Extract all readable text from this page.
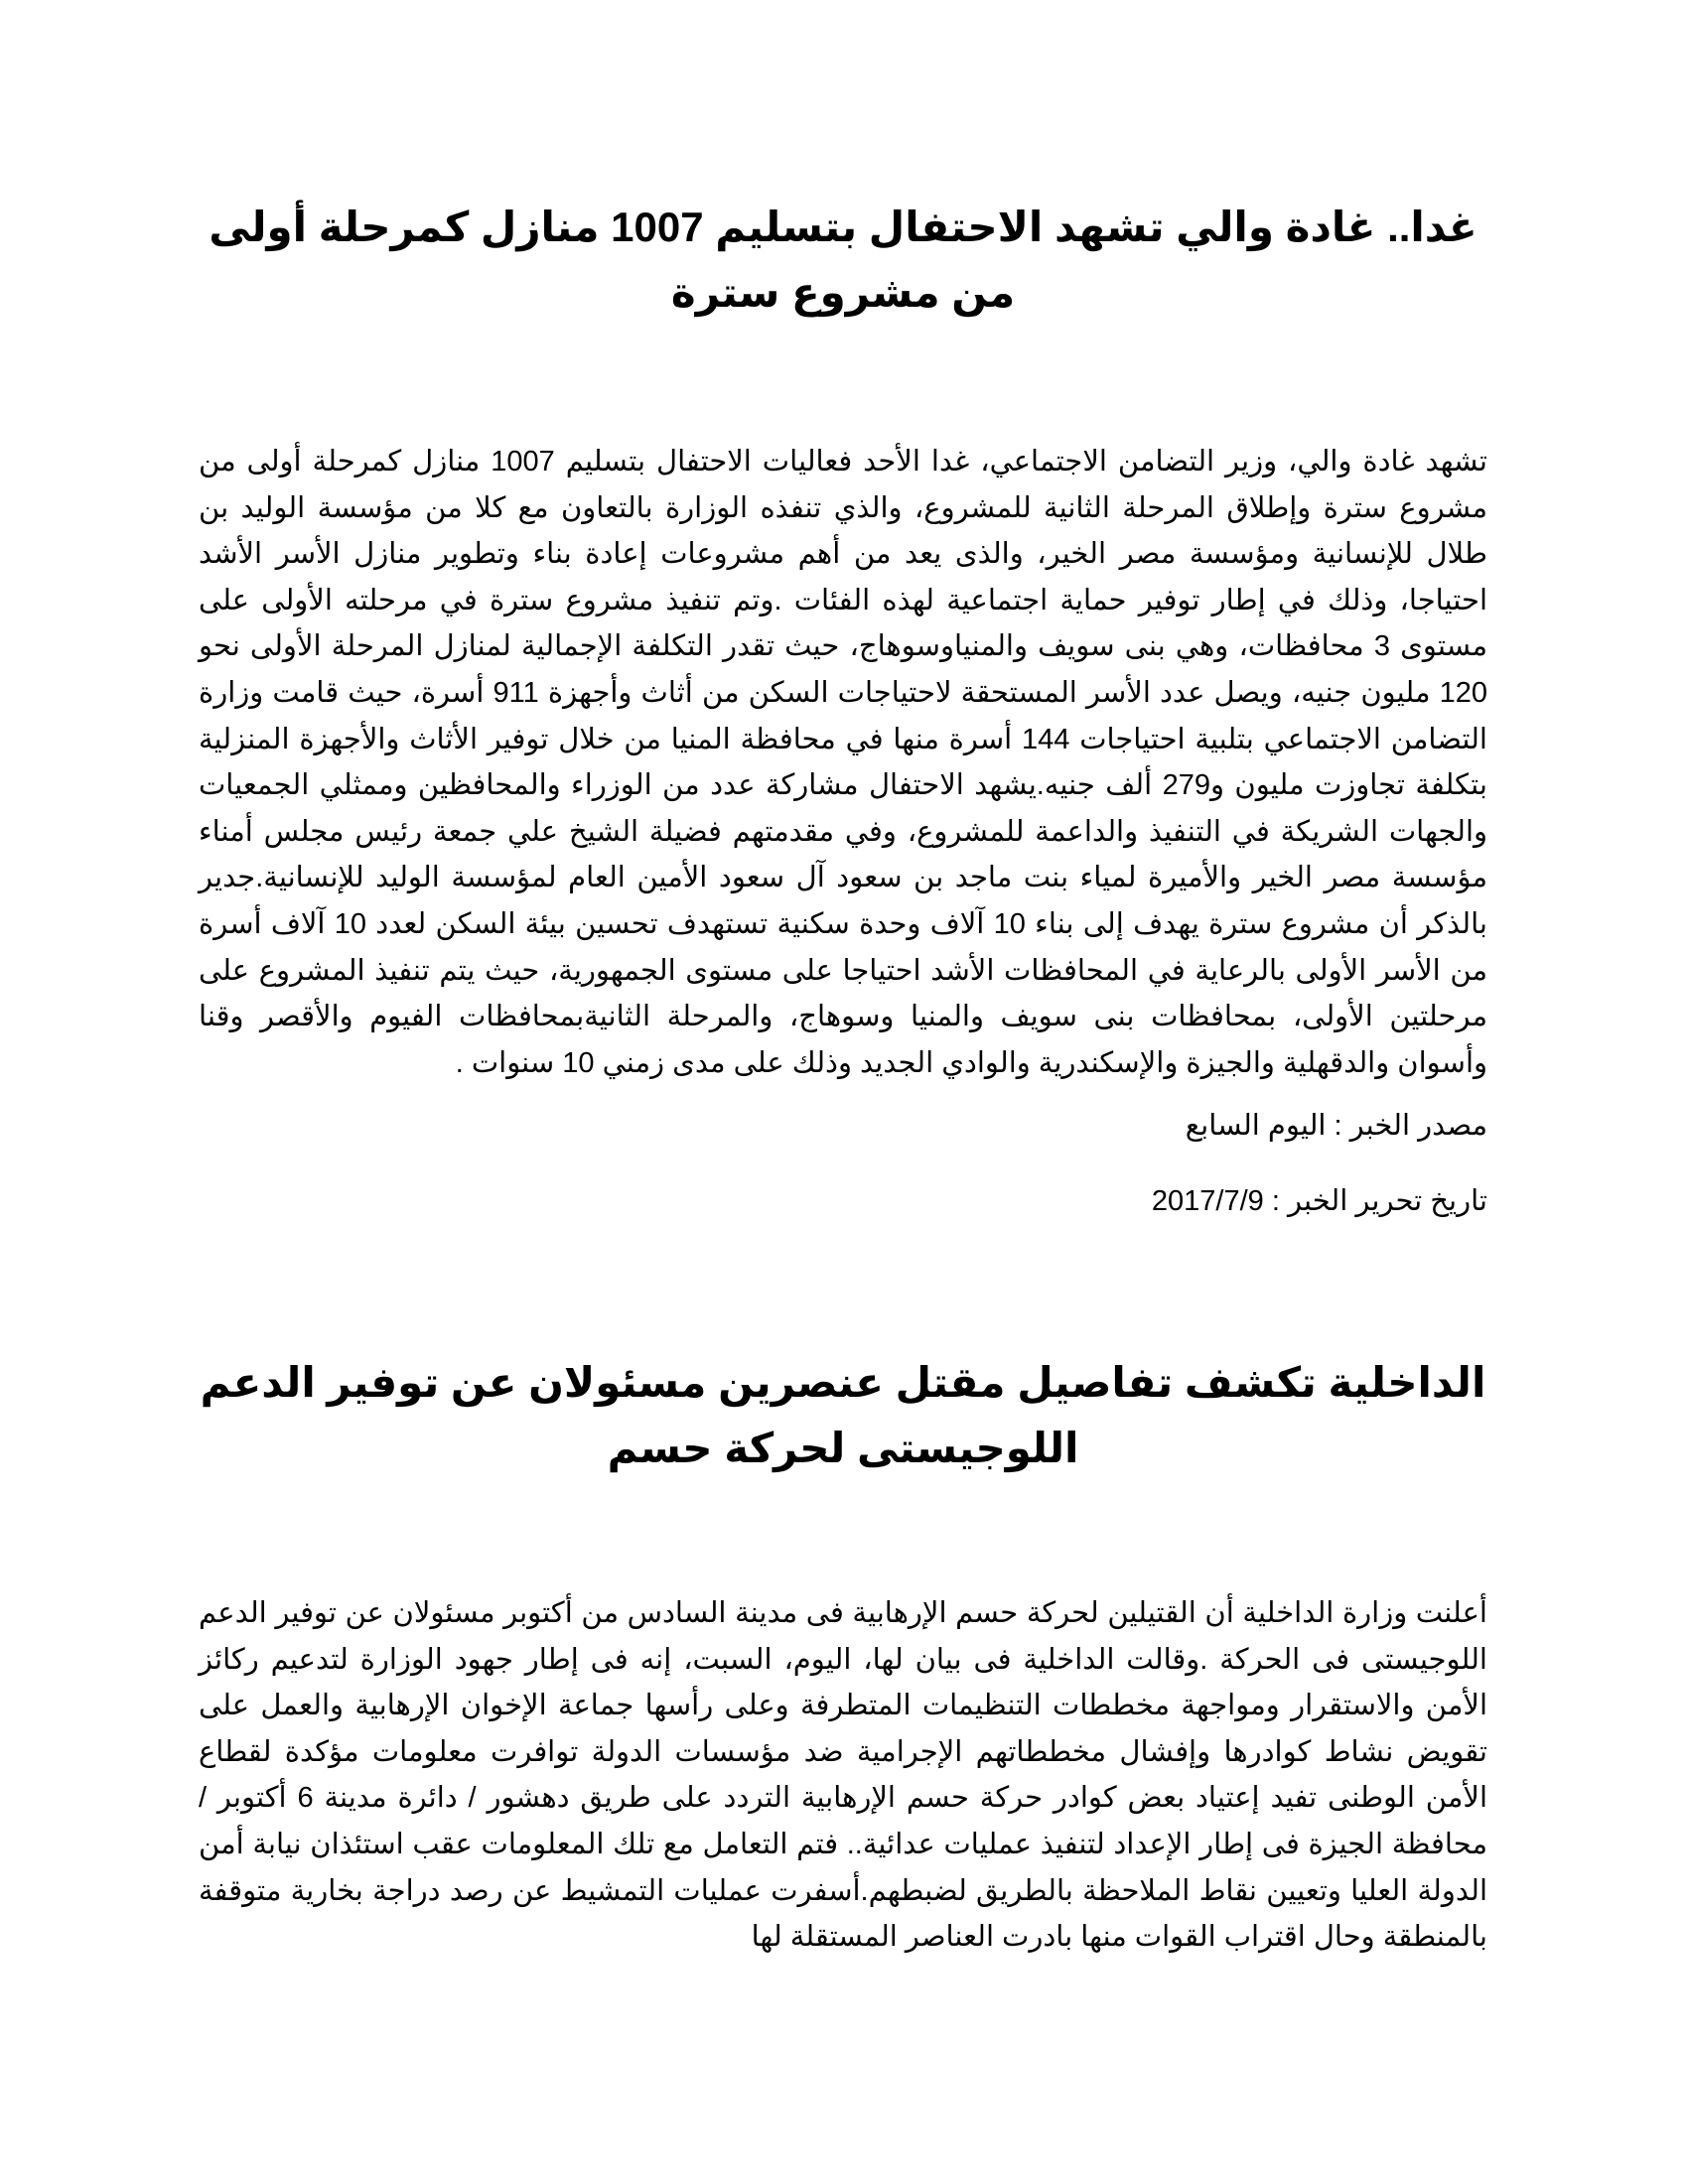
غدا.. غادة والي تشهد الاحتفال بتسليم 1007 منازل كمرحلة أولى من مشروع سترة

تشهد غادة والي، وزير التضامن الاجتماعي، غدا الأحد فعاليات الاحتفال بتسليم 1007 منازل كمرحلة أولى من مشروع سترة وإطلاق المرحلة الثانية للمشروع، والذي تنفذه الوزارة بالتعاون مع كلا من مؤسسة الوليد بن طلال للإنسانية ومؤسسة مصر الخير، والذى يعد من أهم مشروعات إعادة بناء وتطوير منازل الأسر الأشد احتياجا، وذلك في إطار توفير حماية اجتماعية لهذه الفئات .وتم تنفيذ مشروع سترة في مرحلته الأولى على مستوى 3 محافظات، وهي بنى سويف والمنياوسوهاج، حيث تقدر التكلفة الإجمالية لمنازل المرحلة الأولى نحو 120 مليون جنيه، ويصل عدد الأسر المستحقة لاحتياجات السكن من أثاث وأجهزة 911 أسرة، حيث قامت وزارة التضامن الاجتماعي بتلبية احتياجات 144 أسرة منها في محافظة المنيا من خلال توفير الأثاث والأجهزة المنزلية بتكلفة تجاوزت مليون و279 ألف جنيه.يشهد الاحتفال مشاركة عدد من الوزراء والمحافظين وممثلي الجمعيات والجهات الشريكة في التنفيذ والداعمة للمشروع، وفي مقدمتهم فضيلة الشيخ علي جمعة رئيس مجلس أمناء مؤسسة مصر الخير والأميرة لمياء بنت ماجد بن سعود آل سعود الأمين العام لمؤسسة الوليد للإنسانية.جدير بالذكر أن مشروع سترة يهدف إلى بناء 10 آلاف وحدة سكنية تستهدف تحسين بيئة السكن لعدد 10 آلاف أسرة من الأسر الأولى بالرعاية في المحافظات الأشد احتياجا على مستوى الجمهورية، حيث يتم تنفيذ المشروع على مرحلتين الأولى، بمحافظات بنى سويف والمنيا وسوهاج، والمرحلة الثانيةبمحافظات الفيوم والأقصر وقنا وأسوان والدقهلية والجيزة والإسكندرية والوادي الجديد وذلك على مدى زمني 10 سنوات .

مصدر الخبر : اليوم السابع

تاريخ تحرير الخبر : 2017/7/9

الداخلية تكشف تفاصيل مقتل عنصرين مسئولان عن توفير الدعم اللوجيستى لحركة حسم

أعلنت وزارة الداخلية أن القتيلين لحركة حسم الإرهابية فى مدينة السادس من أكتوبر مسئولان عن توفير الدعم اللوجيستى فى الحركة .وقالت الداخلية فى بيان لها، اليوم، السبت، إنه فى إطار جهود الوزارة لتدعيم ركائز الأمن والاستقرار ومواجهة مخططات التنظيمات المتطرفة وعلى رأسها جماعة الإخوان الإرهابية والعمل على تقويض نشاط كوادرها وإفشال مخططاتهم الإجرامية ضد مؤسسات الدولة توافرت معلومات مؤكدة لقطاع الأمن الوطنى تفيد إعتياد بعض كوادر حركة حسم الإرهابية التردد على طريق دهشور / دائرة مدينة 6 أكتوبر / محافظة الجيزة فى إطار الإعداد لتنفيذ عمليات عدائية.. فتم التعامل مع تلك المعلومات عقب استئذان نيابة أمن الدولة العليا وتعيين نقاط الملاحظة بالطريق لضبطهم.أسفرت عمليات التمشيط عن رصد دراجة بخارية متوقفة بالمنطقة وحال اقتراب القوات منها بادرت العناصر المستقلة لها
